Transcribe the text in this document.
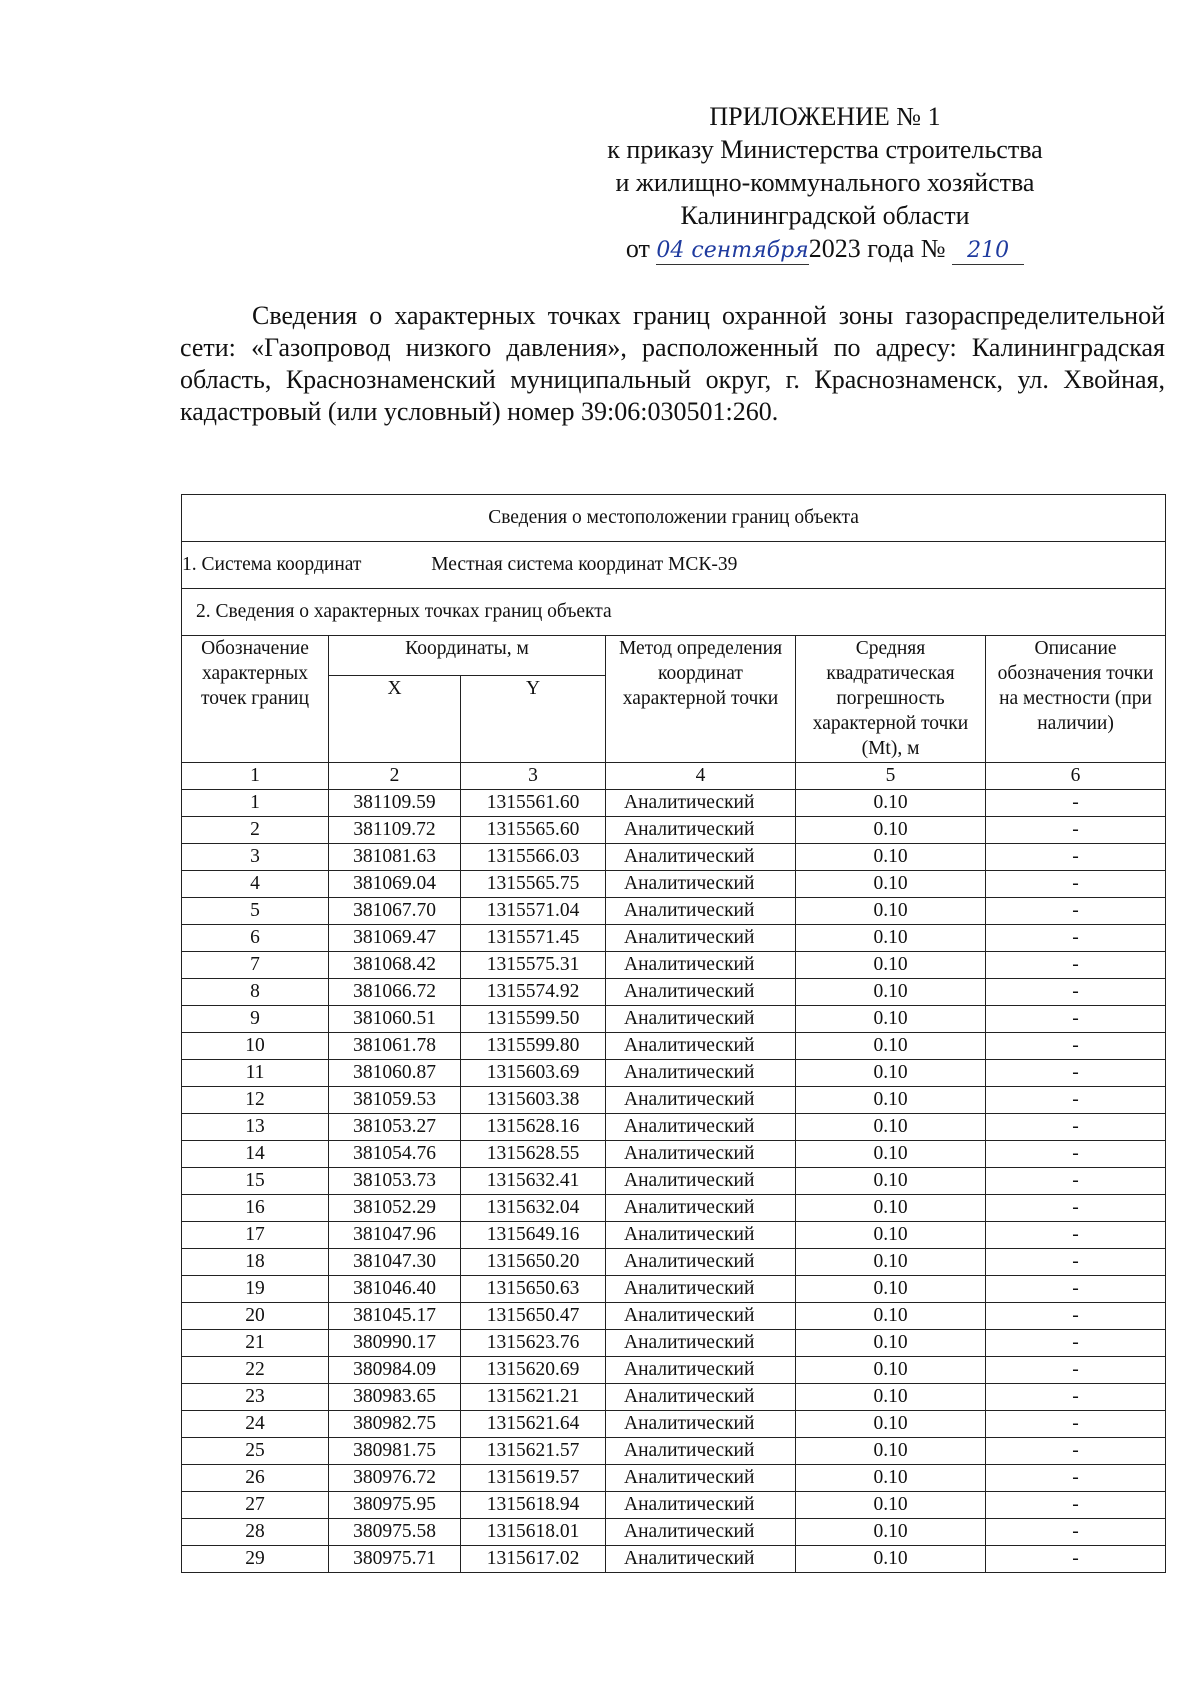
ПРИЛОЖЕНИЕ № 1
к приказу Министерства строительства
и жилищно-коммунального хозяйства
Калининградской области
от 04 сентября2023 года № 210
Сведения о характерных точках границ охранной зоны газораспределительной сети: «Газопровод низкого давления», расположенный по адресу: Калининградская область, Краснознаменский муниципальный округ, г. Краснознаменск, ул. Хвойная, кадастровый (или условный) номер 39:06:030501:260.
Сведения о местоположении границ объекта					
1. Система координат Местная система координат МСК-39					
2. Сведения о характерных точках границ объекта					
Обозначение характерных точек границ	Координаты, м		Метод определения координат характерной точки	Средняя квадратическая погрешность характерной точки (Mt), м	Описание обозначения точки на местности (при наличии)
	X	Y			
1	2	3	4	5	6
1	381109.59	1315561.60	Аналитический	0.10	-
2	381109.72	1315565.60	Аналитический	0.10	-
3	381081.63	1315566.03	Аналитический	0.10	-
4	381069.04	1315565.75	Аналитический	0.10	-
5	381067.70	1315571.04	Аналитический	0.10	-
6	381069.47	1315571.45	Аналитический	0.10	-
7	381068.42	1315575.31	Аналитический	0.10	-
8	381066.72	1315574.92	Аналитический	0.10	-
9	381060.51	1315599.50	Аналитический	0.10	-
10	381061.78	1315599.80	Аналитический	0.10	-
11	381060.87	1315603.69	Аналитический	0.10	-
12	381059.53	1315603.38	Аналитический	0.10	-
13	381053.27	1315628.16	Аналитический	0.10	-
14	381054.76	1315628.55	Аналитический	0.10	-
15	381053.73	1315632.41	Аналитический	0.10	-
16	381052.29	1315632.04	Аналитический	0.10	-
17	381047.96	1315649.16	Аналитический	0.10	-
18	381047.30	1315650.20	Аналитический	0.10	-
19	381046.40	1315650.63	Аналитический	0.10	-
20	381045.17	1315650.47	Аналитический	0.10	-
21	380990.17	1315623.76	Аналитический	0.10	-
22	380984.09	1315620.69	Аналитический	0.10	-
23	380983.65	1315621.21	Аналитический	0.10	-
24	380982.75	1315621.64	Аналитический	0.10	-
25	380981.75	1315621.57	Аналитический	0.10	-
26	380976.72	1315619.57	Аналитический	0.10	-
27	380975.95	1315618.94	Аналитический	0.10	-
28	380975.58	1315618.01	Аналитический	0.10	-
29	380975.71	1315617.02	Аналитический	0.10	-
